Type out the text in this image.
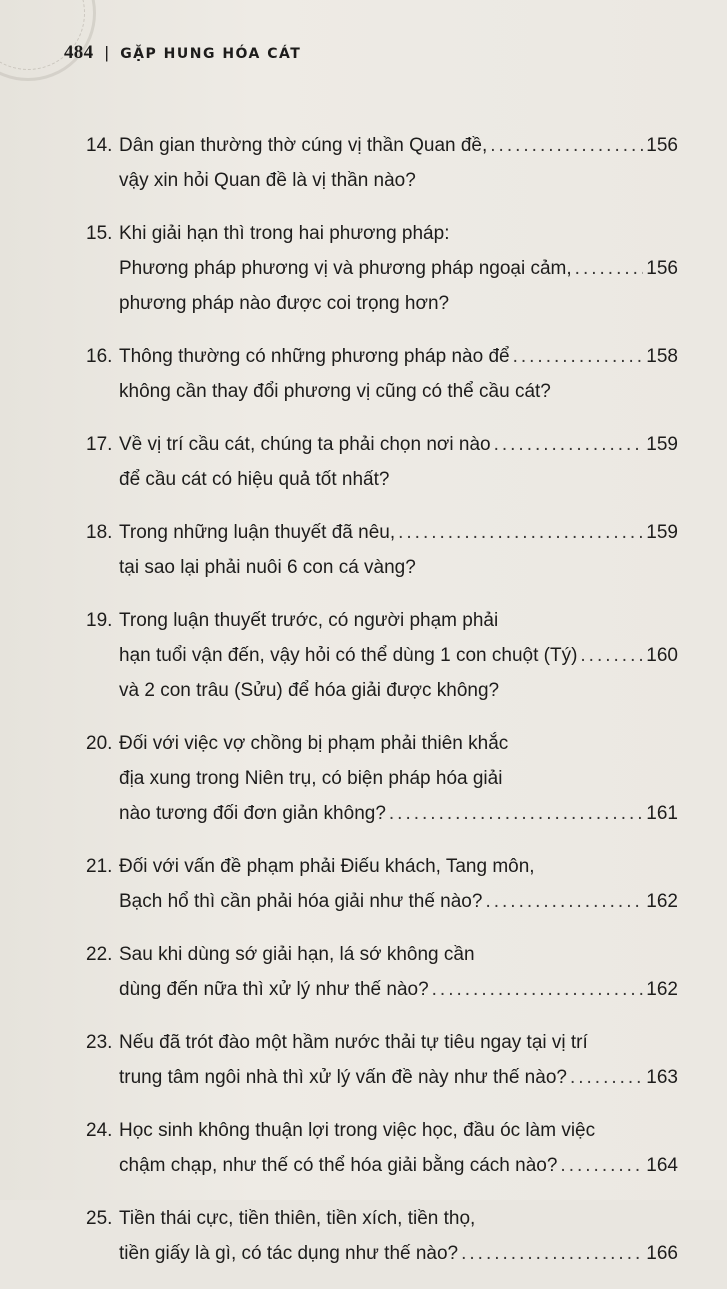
484 | GẶP HUNG HÓA CÁT
14. Dân gian thường thờ cúng vị thần Quan đề, .....	156
vậy xin hỏi Quan đề là vị thần nào?
15. Khi giải hạn thì trong hai phương pháp:
Phương pháp phương vị và phương pháp ngoại cảm, .....	156
phương pháp nào được coi trọng hơn?
16. Thông thường có những phương pháp nào để .....	158
không cần thay đổi phương vị cũng có thể cầu cát?
17. Về vị trí cầu cát, chúng ta phải chọn nơi nào .....	159
để cầu cát có hiệu quả tốt nhất?
18. Trong những luận thuyết đã nêu, .....	159
tại sao lại phải nuôi 6 con cá vàng?
19. Trong luận thuyết trước, có người phạm phải
hạn tuổi vận đến, vậy hỏi có thể dùng 1 con chuột (Tý) .....	160
và 2 con trâu (Sửu) để hóa giải được không?
20. Đối với việc vợ chồng bị phạm phải thiên khắc
địa xung trong Niên trụ, có biện pháp hóa giải
nào tương đối đơn giản không? .....	161
21. Đối với vấn đề phạm phải Điếu khách, Tang môn,
Bạch hổ thì cần phải hóa giải như thế nào? .....	162
22. Sau khi dùng sớ giải hạn, lá sớ không cần
dùng đến nữa thì xử lý như thế nào? .....	162
23. Nếu đã trót đào một hầm nước thải tự tiêu ngay tại vị trí
trung tâm ngôi nhà thì xử lý vấn đề này như thế nào? .....	163
24. Học sinh không thuận lợi trong việc học, đầu óc làm việc
chậm chạp, như thế có thể hóa giải bằng cách nào? .....	164
25. Tiền thái cực, tiền thiên, tiền xích, tiền thọ,
tiền giấy là gì, có tác dụng như thế nào? .....	166
